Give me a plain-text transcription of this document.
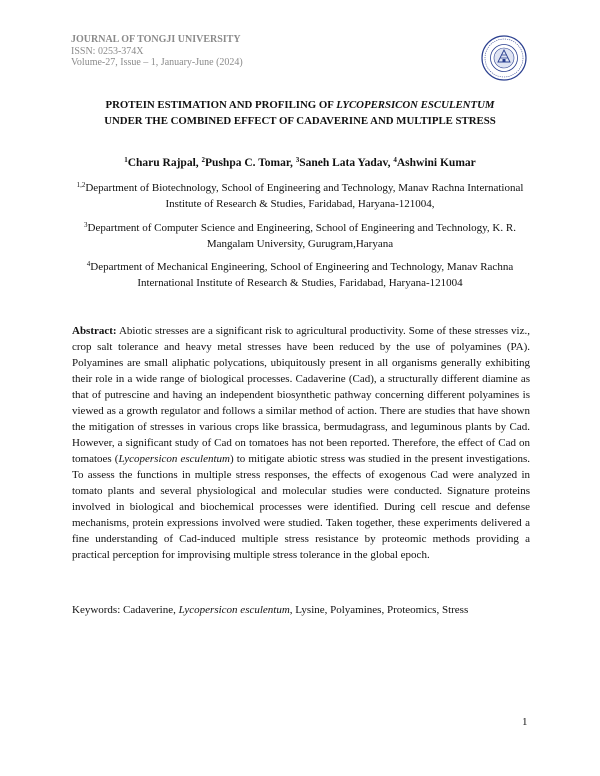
JOURNAL OF TONGJI UNIVERSITY
ISSN: 0253-374X
Volume-27, Issue – 1, January-June (2024)
PROTEIN ESTIMATION AND PROFILING OF LYCOPERSICON ESCULENTUM
UNDER THE COMBINED EFFECT OF CADAVERINE AND MULTIPLE STRESS
$^1$Charu Rajpal, $^2$Pushpa C. Tomar, $^3$Saneh Lata Yadav, $^4$Ashwini Kumar
$^{1,2}$Department of Biotechnology, School of Engineering and Technology, Manav Rachna International Institute of Research & Studies, Faridabad, Haryana-121004,
$^3$Department of Computer Science and Engineering, School of Engineering and Technology, K. R. Mangalam University, Gurugram,Haryana
$^4$Department of Mechanical Engineering, School of Engineering and Technology, Manav Rachna International Institute of Research & Studies, Faridabad, Haryana-121004

Abstract: Abiotic stresses are a significant risk to agricultural productivity. Some of these stresses viz., crop salt tolerance and heavy metal stresses have been reduced by the use of polyamines (PA). Polyamines are small aliphatic polycations, ubiquitously present in all organisms generally exhibiting their role in a wide range of biological processes. Cadaverine (Cad), a structurally different diamine as that of putrescine and having an independent biosynthetic pathway concerning different polyamines is viewed as a growth regulator and follows a similar method of action. There are studies that have shown the mitigation of stresses in various crops like brassica, bermudagrass, and leguminous plants by Cad. However, a significant study of Cad on tomatoes has not been reported. Therefore, the effect of Cad on tomatoes (Lycopersicon esculentum) to mitigate abiotic stress was studied in the present investigations. To assess the functions in multiple stress responses, the effects of exogenous Cad were analyzed in tomato plants and several physiological and molecular studies were conducted. Signature proteins involved in biological and biochemical processes were identified. During cell rescue and defense mechanisms, protein expressions involved were studied. Taken together, these experiments delivered a fine understanding of Cad-induced multiple stress resistance by proteomic methods providing a practical perception for improvising multiple stress tolerance in the global epoch.

Keywords: Cadaverine, Lycopersicon esculentum, Lysine, Polyamines, Proteomics, Stress
1
